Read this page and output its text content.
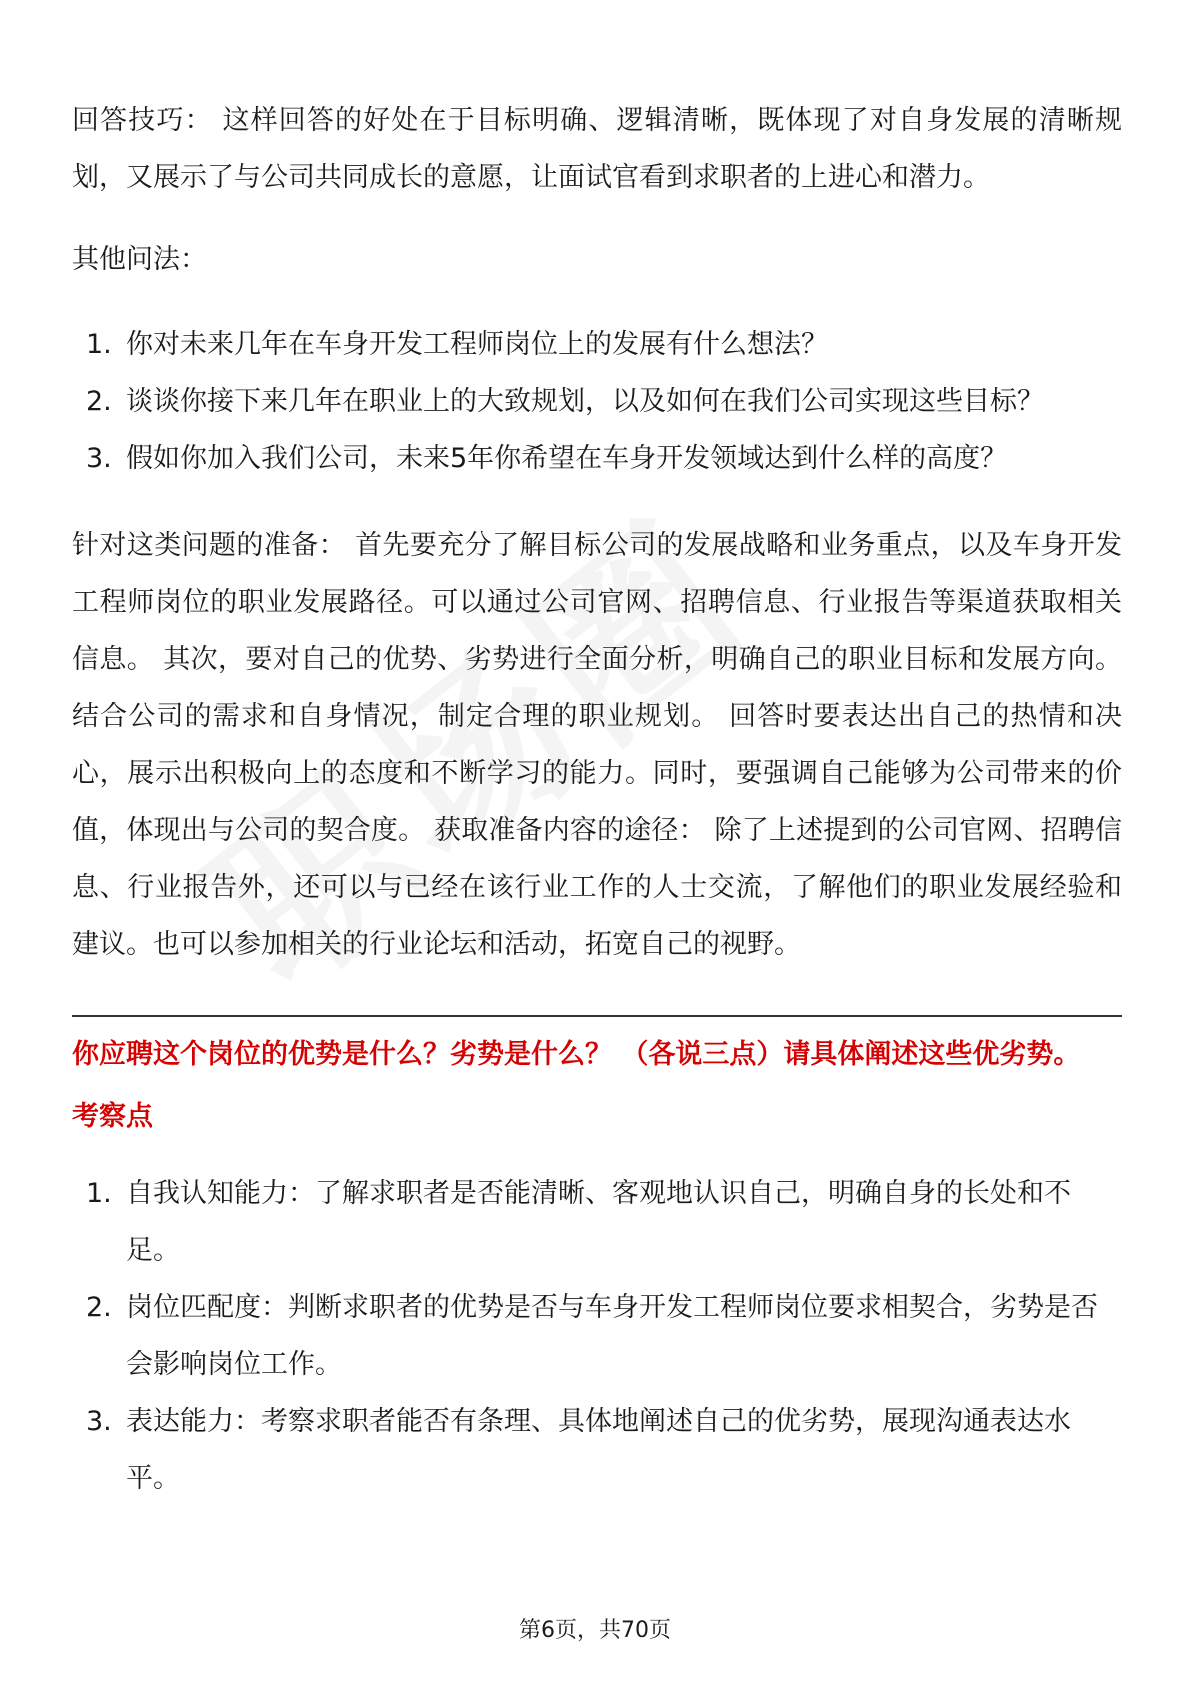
回答技巧： 这样回答的好处在于目标明确、逻辑清晰，既体现了对自身发展的清晰规划，又展示了与公司共同成长的意愿，让面试官看到求职者的上进心和潜力。

其他问法：

1. 你对未来几年在车身开发工程师岗位上的发展有什么想法？
2. 谈谈你接下来几年在职业上的大致规划，以及如何在我们公司实现这些目标？
3. 假如你加入我们公司，未来5年你希望在车身开发领域达到什么样的高度？

针对这类问题的准备： 首先要充分了解目标公司的发展战略和业务重点，以及车身开发工程师岗位的职业发展路径。可以通过公司官网、招聘信息、行业报告等渠道获取相关信息。 其次，要对自己的优势、劣势进行全面分析，明确自己的职业目标和发展方向。结合公司的需求和自身情况，制定合理的职业规划。 回答时要表达出自己的热情和决心，展示出积极向上的态度和不断学习的能力。同时，要强调自己能够为公司带来的价值，体现出与公司的契合度。 获取准备内容的途径： 除了上述提到的公司官网、招聘信息、行业报告外，还可以与已经在该行业工作的人士交流，了解他们的职业发展经验和建议。也可以参加相关的行业论坛和活动，拓宽自己的视野。

你应聘这个岗位的优势是什么？劣势是什么？ （各说三点）请具体阐述这些优劣势。
考察点
1. 自我认知能力：了解求职者是否能清晰、客观地认识自己，明确自身的长处和不足。
2. 岗位匹配度：判断求职者的优势是否与车身开发工程师岗位要求相契合，劣势是否会影响岗位工作。
3. 表达能力：考察求职者能否有条理、具体地阐述自己的优劣势，展现沟通表达水平。
第6页，共70页
